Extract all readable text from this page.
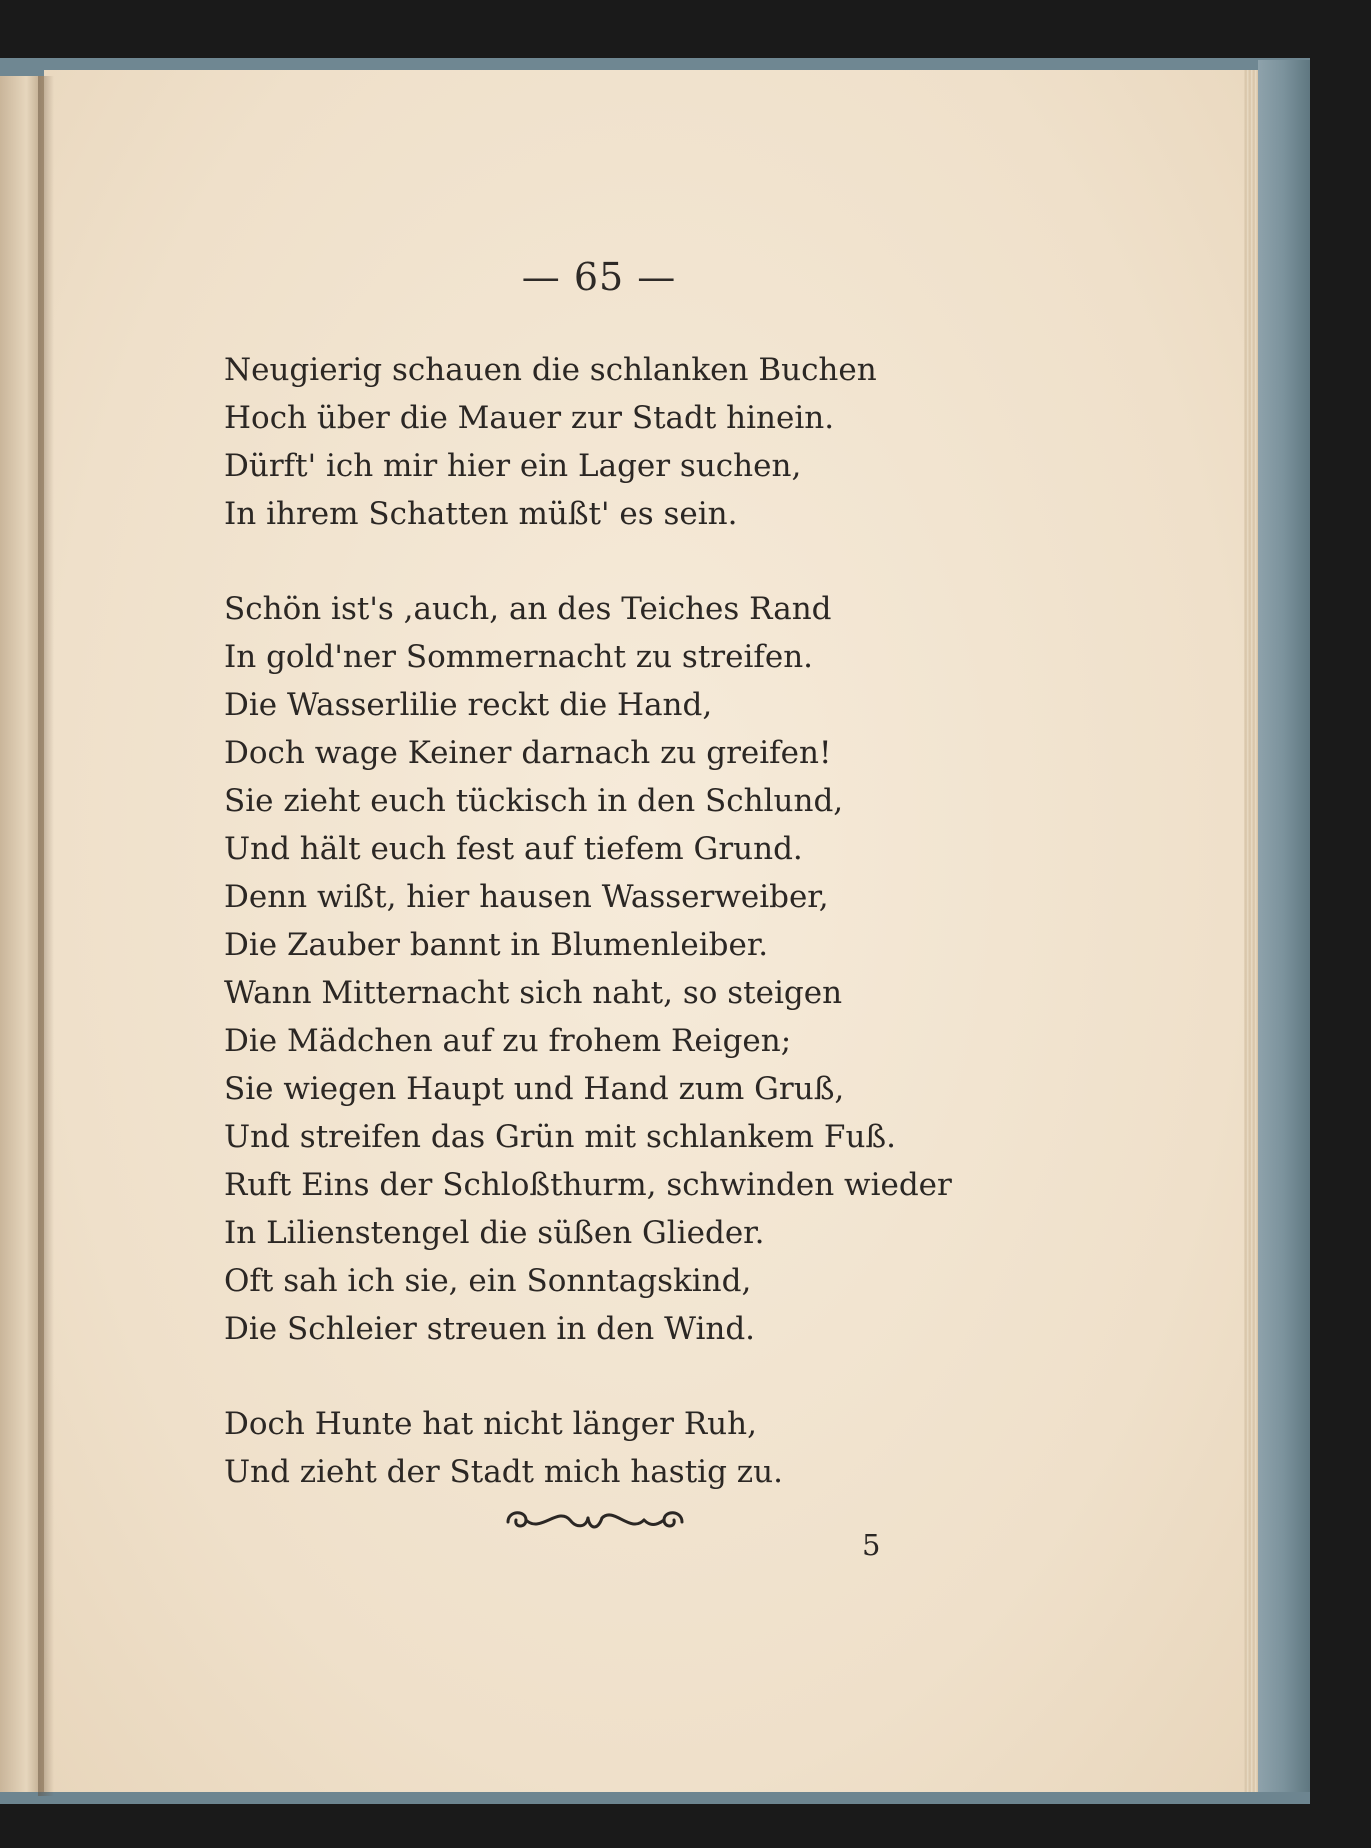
— 65 —
Neugierig schauen die schlanken Buchen
Hoch über die Mauer zur Stadt hinein.
Dürft' ich mir hier ein Lager suchen,
In ihrem Schatten müßt' es sein.
Schön ist's ,auch, an des Teiches Rand
In gold'ner Sommernacht zu streifen.
Die Wasserlilie reckt die Hand,
Doch wage Keiner darnach zu greifen!
Sie zieht euch tückisch in den Schlund,
Und hält euch fest auf tiefem Grund.
Denn wißt, hier hausen Wasserweiber,
Die Zauber bannt in Blumenleiber.
Wann Mitternacht sich naht, so steigen
Die Mädchen auf zu frohem Reigen;
Sie wiegen Haupt und Hand zum Gruß,
Und streifen das Grün mit schlankem Fuß.
Ruft Eins der Schloßthurm, schwinden wieder
In Lilienstengel die süßen Glieder.
Oft sah ich sie, ein Sonntagskind,
Die Schleier streuen in den Wind.
Doch Hunte hat nicht länger Ruh,
Und zieht der Stadt mich hastig zu.
5
